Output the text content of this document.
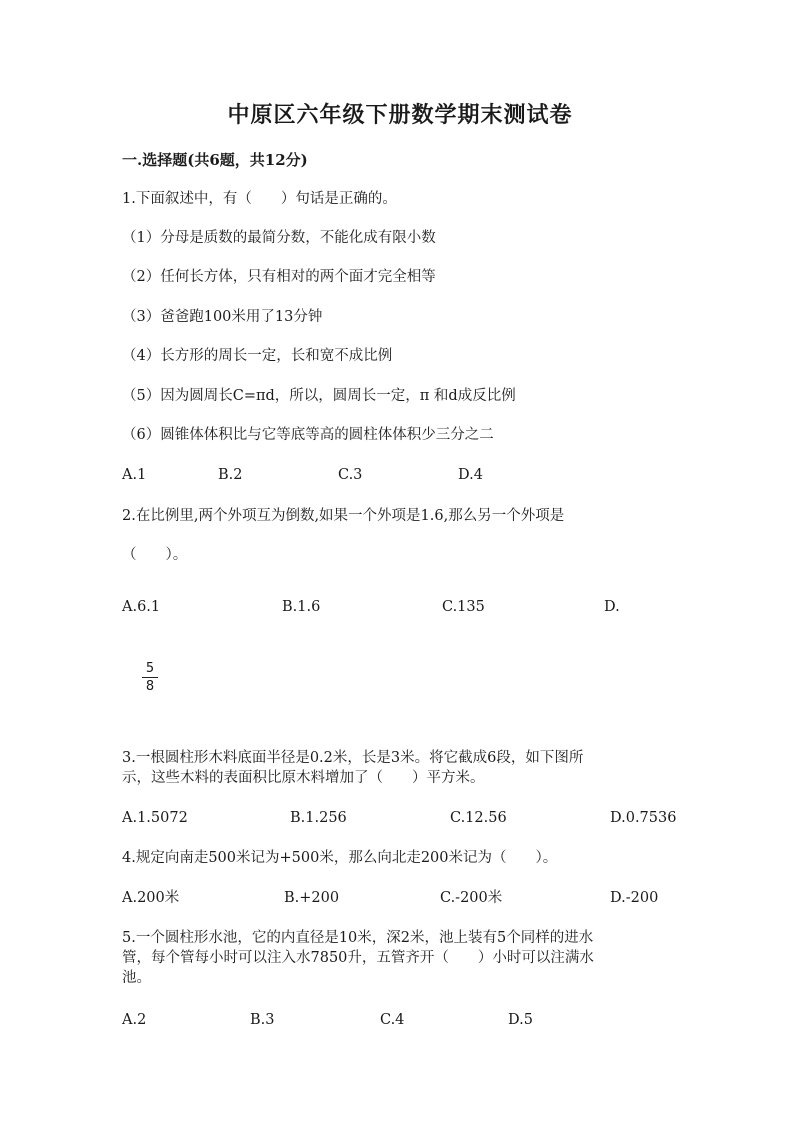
中原区六年级下册数学期末测试卷
一.选择题(共6题，共12分)
1.下面叙述中，有（　　）句话是正确的。
（1）分母是质数的最简分数，不能化成有限小数
（2）任何长方体，只有相对的两个面才完全相等
（3）爸爸跑100米用了13分钟
（4）长方形的周长一定，长和宽不成比例
（5）因为圆周长C=πd，所以，圆周长一定，π 和d成反比例
（6）圆锥体体积比与它等底等高的圆柱体体积少三分之二
A.1	B.2	C.3	D.4
2.在比例里,两个外项互为倒数,如果一个外项是1.6,那么另一个外项是
（　　）。
A.6.1	B.1.6	C.135	D.
5
8
3.一根圆柱形木料底面半径是0.2米，长是3米。将它截成6段，如下图所
示，这些木料的表面积比原木料增加了（　　）平方米。
A.1.5072	B.1.256	C.12.56	D.0.7536
4.规定向南走500米记为+500米，那么向北走200米记为（　　）。
A.200米	B.+200	C.-200米	D.-200
5.一个圆柱形水池，它的内直径是10米，深2米，池上装有5个同样的进水
管，每个管每小时可以注入水7850升，五管齐开（　　）小时可以注满水
池。
A.2	B.3	C.4	D.5
